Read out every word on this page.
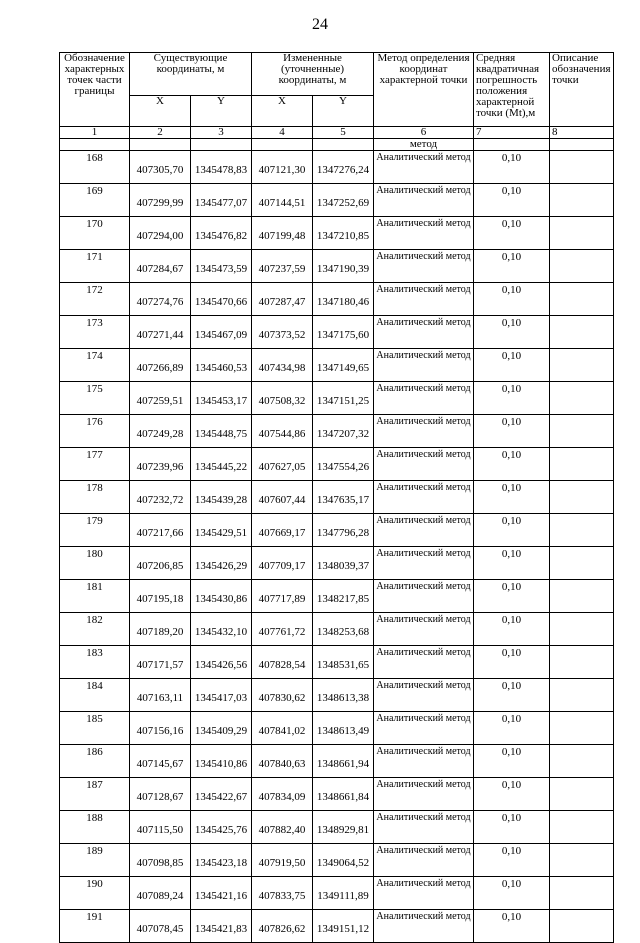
24
Обозначение характерных точек части границы	Существующие координаты, м		Измененные (уточненные) координаты, м		Метод определения координат характерной точки	Средняя квадратичная погрешность положения характерной точки (Mt),м	Описание обозначения точки
	X	Y	X	Y			
1	2	3	4	5	6	7	8
					метод		
168	407305,70	1345478,83	407121,30	1347276,24	Аналитический метод	0,10	
169	407299,99	1345477,07	407144,51	1347252,69	Аналитический метод	0,10	
170	407294,00	1345476,82	407199,48	1347210,85	Аналитический метод	0,10	
171	407284,67	1345473,59	407237,59	1347190,39	Аналитический метод	0,10	
172	407274,76	1345470,66	407287,47	1347180,46	Аналитический метод	0,10	
173	407271,44	1345467,09	407373,52	1347175,60	Аналитический метод	0,10	
174	407266,89	1345460,53	407434,98	1347149,65	Аналитический метод	0,10	
175	407259,51	1345453,17	407508,32	1347151,25	Аналитический метод	0,10	
176	407249,28	1345448,75	407544,86	1347207,32	Аналитический метод	0,10	
177	407239,96	1345445,22	407627,05	1347554,26	Аналитический метод	0,10	
178	407232,72	1345439,28	407607,44	1347635,17	Аналитический метод	0,10	
179	407217,66	1345429,51	407669,17	1347796,28	Аналитический метод	0,10	
180	407206,85	1345426,29	407709,17	1348039,37	Аналитический метод	0,10	
181	407195,18	1345430,86	407717,89	1348217,85	Аналитический метод	0,10	
182	407189,20	1345432,10	407761,72	1348253,68	Аналитический метод	0,10	
183	407171,57	1345426,56	407828,54	1348531,65	Аналитический метод	0,10	
184	407163,11	1345417,03	407830,62	1348613,38	Аналитический метод	0,10	
185	407156,16	1345409,29	407841,02	1348613,49	Аналитический метод	0,10	
186	407145,67	1345410,86	407840,63	1348661,94	Аналитический метод	0,10	
187	407128,67	1345422,67	407834,09	1348661,84	Аналитический метод	0,10	
188	407115,50	1345425,76	407882,40	1348929,81	Аналитический метод	0,10	
189	407098,85	1345423,18	407919,50	1349064,52	Аналитический метод	0,10	
190	407089,24	1345421,16	407833,75	1349111,89	Аналитический метод	0,10	
191	407078,45	1345421,83	407826,62	1349151,12	Аналитический метод	0,10	
